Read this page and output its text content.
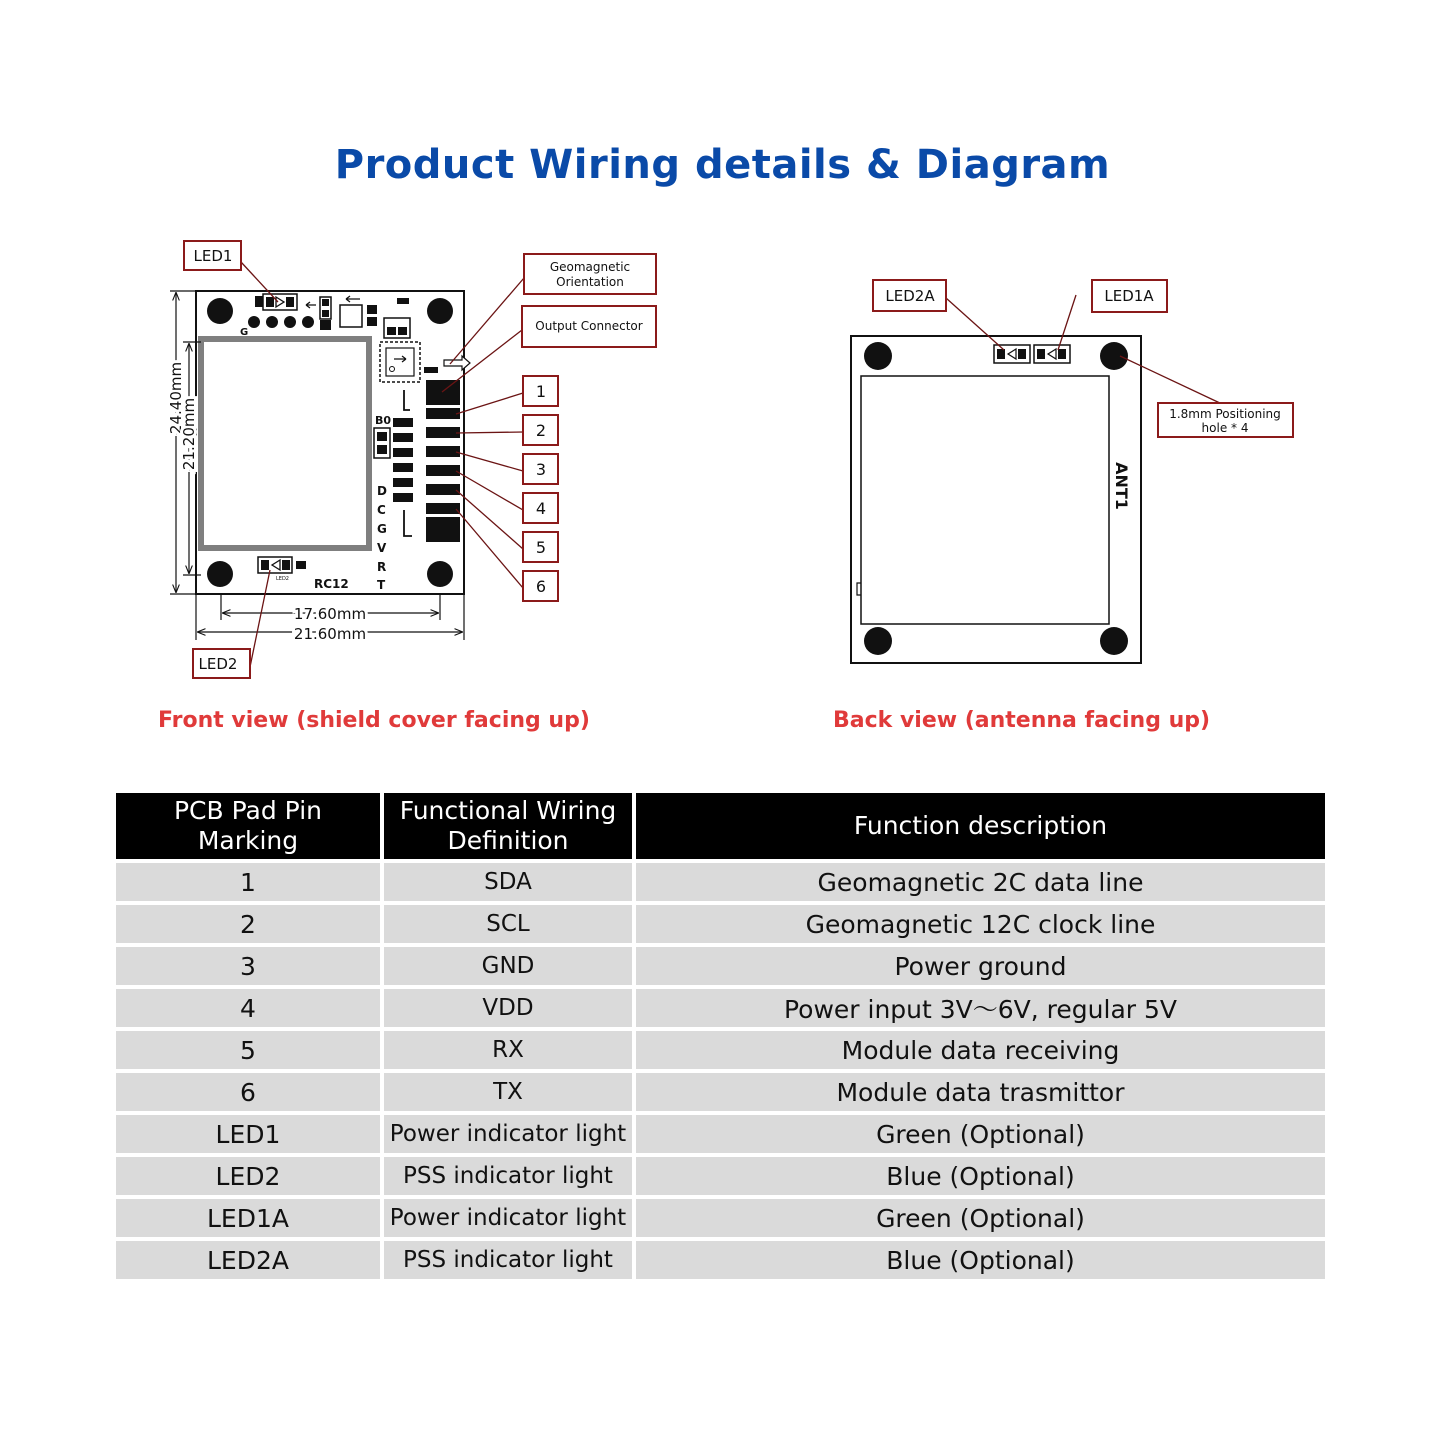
Product Wiring details & Diagram
G
B0
D
C
G
V
R
T
RC12
LED2
24.40mm
21.20mm
17.60mm
21.60mm
LED1
LED2
Geomagnetic
Orientation
Output Connector
1
2
3
4
5
6
ANT1
LED2A	LED1A
1.8mm Positioning
hole * 4
Front view (shield cover facing up)	Back view (antenna facing up)
PCB Pad Pin Marking	Functional Wiring Definition	Function description
1	SDA	Geomagnetic 2C data line
2	SCL	Geomagnetic 12C clock line
3	GND	Power ground
4	VDD	Power input 3V～6V, regular 5V
5	RX	Module data receiving
6	TX	Module data trasmittor
LED1	Power indicator light	Green (Optional)
LED2	PSS indicator light	Blue (Optional)
LED1A	Power indicator light	Green (Optional)
LED2A	PSS indicator light	Blue (Optional)
